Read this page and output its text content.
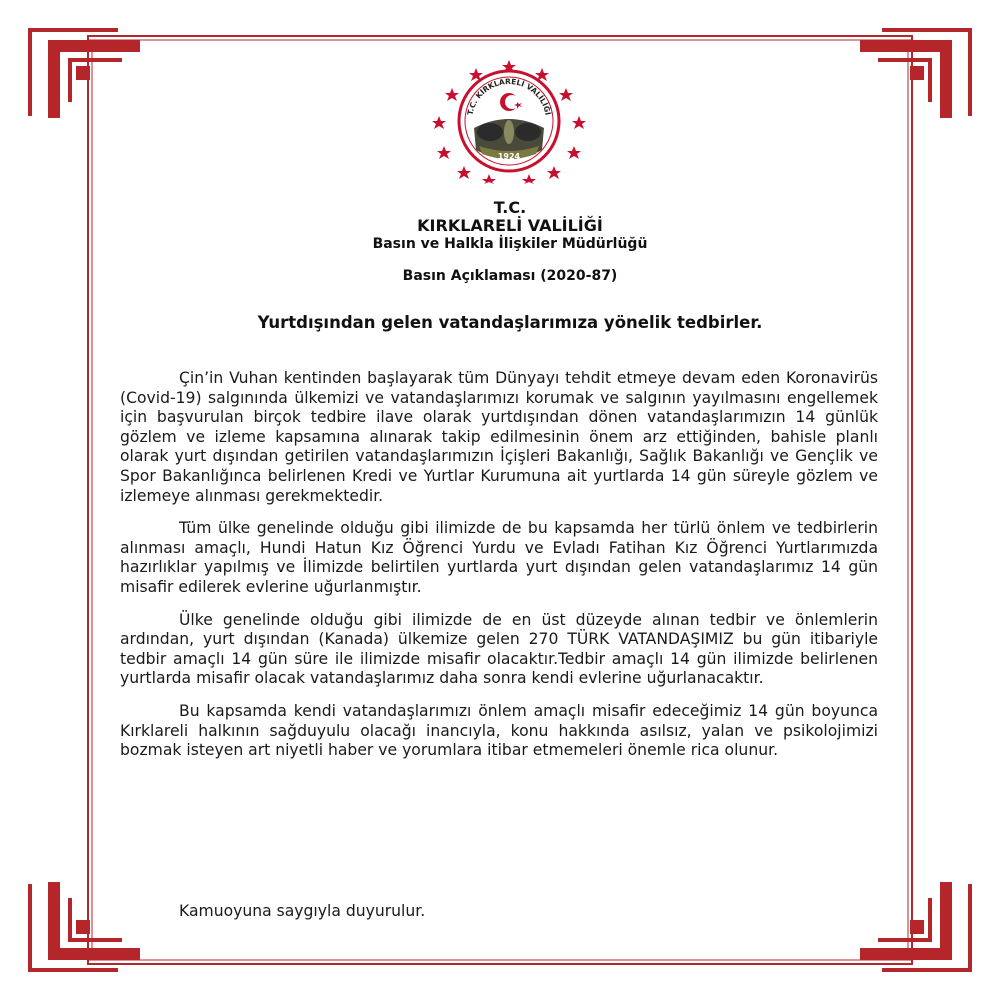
T.C. KIRKLARELİ VALİLİĞİ
1924
T.C.
KIRKLARELİ VALİLİĞİ
Basın ve Halkla İlişkiler Müdürlüğü
Basın Açıklaması (2020-87)
Yurtdışından gelen vatandaşlarımıza yönelik tedbirler.

Çin’in Vuhan kentinden başlayarak tüm Dünyayı tehdit etmeye devam eden Koronavirüs (Covid-19) salgınında ülkemizi ve vatandaşlarımızı korumak ve salgının yayılmasını engellemek için başvurulan birçok tedbire ilave olarak yurtdışından dönen vatandaşlarımızın 14 günlük gözlem ve izleme kapsamına alınarak takip edilmesinin önem arz ettiğinden, bahisle planlı olarak yurt dışından getirilen vatandaşlarımızın İçişleri Bakanlığı, Sağlık Bakanlığı ve Gençlik ve Spor Bakanlığınca belirlenen Kredi ve Yurtlar Kurumuna ait yurtlarda 14 gün süreyle gözlem ve izlemeye alınması gerekmektedir.

Tüm ülke genelinde olduğu gibi ilimizde de bu kapsamda her türlü önlem ve tedbirlerin alınması amaçlı, Hundi Hatun Kız Öğrenci Yurdu ve Evladı Fatihan Kız Öğrenci Yurtlarımızda hazırlıklar yapılmış ve İlimizde belirtilen yurtlarda yurt dışından gelen vatandaşlarımız 14 gün misafir edilerek evlerine uğurlanmıştır.

Ülke genelinde olduğu gibi ilimizde de en üst düzeyde alınan tedbir ve önlemlerin ardından, yurt dışından (Kanada) ülkemize gelen 270 TÜRK VATANDAŞIMIZ bu gün itibariyle tedbir amaçlı 14 gün süre ile ilimizde misafir olacaktır.Tedbir amaçlı 14 gün ilimizde belirlenen yurtlarda misafir olacak vatandaşlarımız daha sonra kendi evlerine uğurlanacaktır.

Bu kapsamda kendi vatandaşlarımızı önlem amaçlı misafir edeceğimiz 14 gün boyunca Kırklareli halkının sağduyulu olacağı inancıyla, konu hakkında asılsız, yalan ve psikolojimizi bozmak isteyen art niyetli haber ve yorumlara itibar etmemeleri önemle rica olunur.

Kamuoyuna saygıyla duyurulur.
